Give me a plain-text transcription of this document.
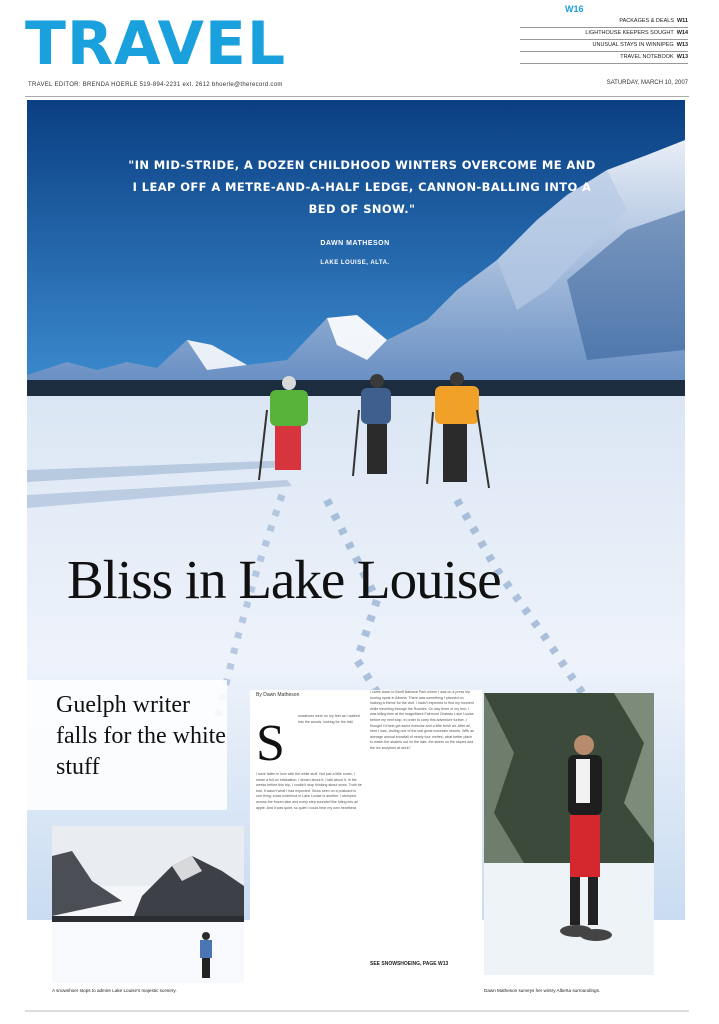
TRAVEL
TRAVEL EDITOR: BRENDA HOERLE 519-894-2231 ext. 2612 bhoerle@therecord.com
W16
PACKAGES & DEALS W11
LIGHTHOUSE KEEPERS SOUGHT W14
UNUSUAL STAYS IN WINNIPEG W13
TRAVEL NOTEBOOK W13
SATURDAY, MARCH 10, 2007
"IN MID-STRIDE, A DOZEN CHILDHOOD WINTERS OVERCOME ME AND I LEAP OFF A METRE-AND-A-HALF LEDGE, CANNON-BALLING INTO A BED OF SNOW."
DAWN MATHESON
LAKE LOUISE, ALTA.
Bliss in Lake Louise
Guelph writer falls for the white stuff
By Dawn Matheson
S	nowshoes were on my feet as I walked into the woods, looking for the trail.
I have fallen in love with the white stuff. Not just a little crush, I mean a full-on infatuation. I dream about it, I talk about it. In the weeks before this trip, I couldn't stop thinking about snow. Truth be told, it wasn't what I had expected. Snow seen on a postcard is one thing; snow underfoot in Lake Louise is another. I stomped across the frozen lake and every step sounded like biting into an apple. And it was quiet, so quiet I could hear my own heartbeat.
I came down to Banff National Park where I was on a press trip touring spots in Alberta. There was something I planned on making a theme for the visit. I hadn't expected to find my moment while travelling through the Rockies. On day three of my tour, I was killing time at the magnificent Fairmont Chateau Lake Louise before my next stop. In order to carry this adventure further, I thought I'd best get some exercise and a little fresh air. After all, here I was, visiting one of the last great mountain resorts. With an average annual snowfall of nearly four metres, what better place to watch the skaters out on the lake, the skiers on the slopes and the ice sculptors at work?
SEE SNOWSHOEING, PAGE W13
A snowshoer stops to admire Lake Louise's majestic scenery.	Dawn Matheson surveys her wintry Alberta surroundings.
